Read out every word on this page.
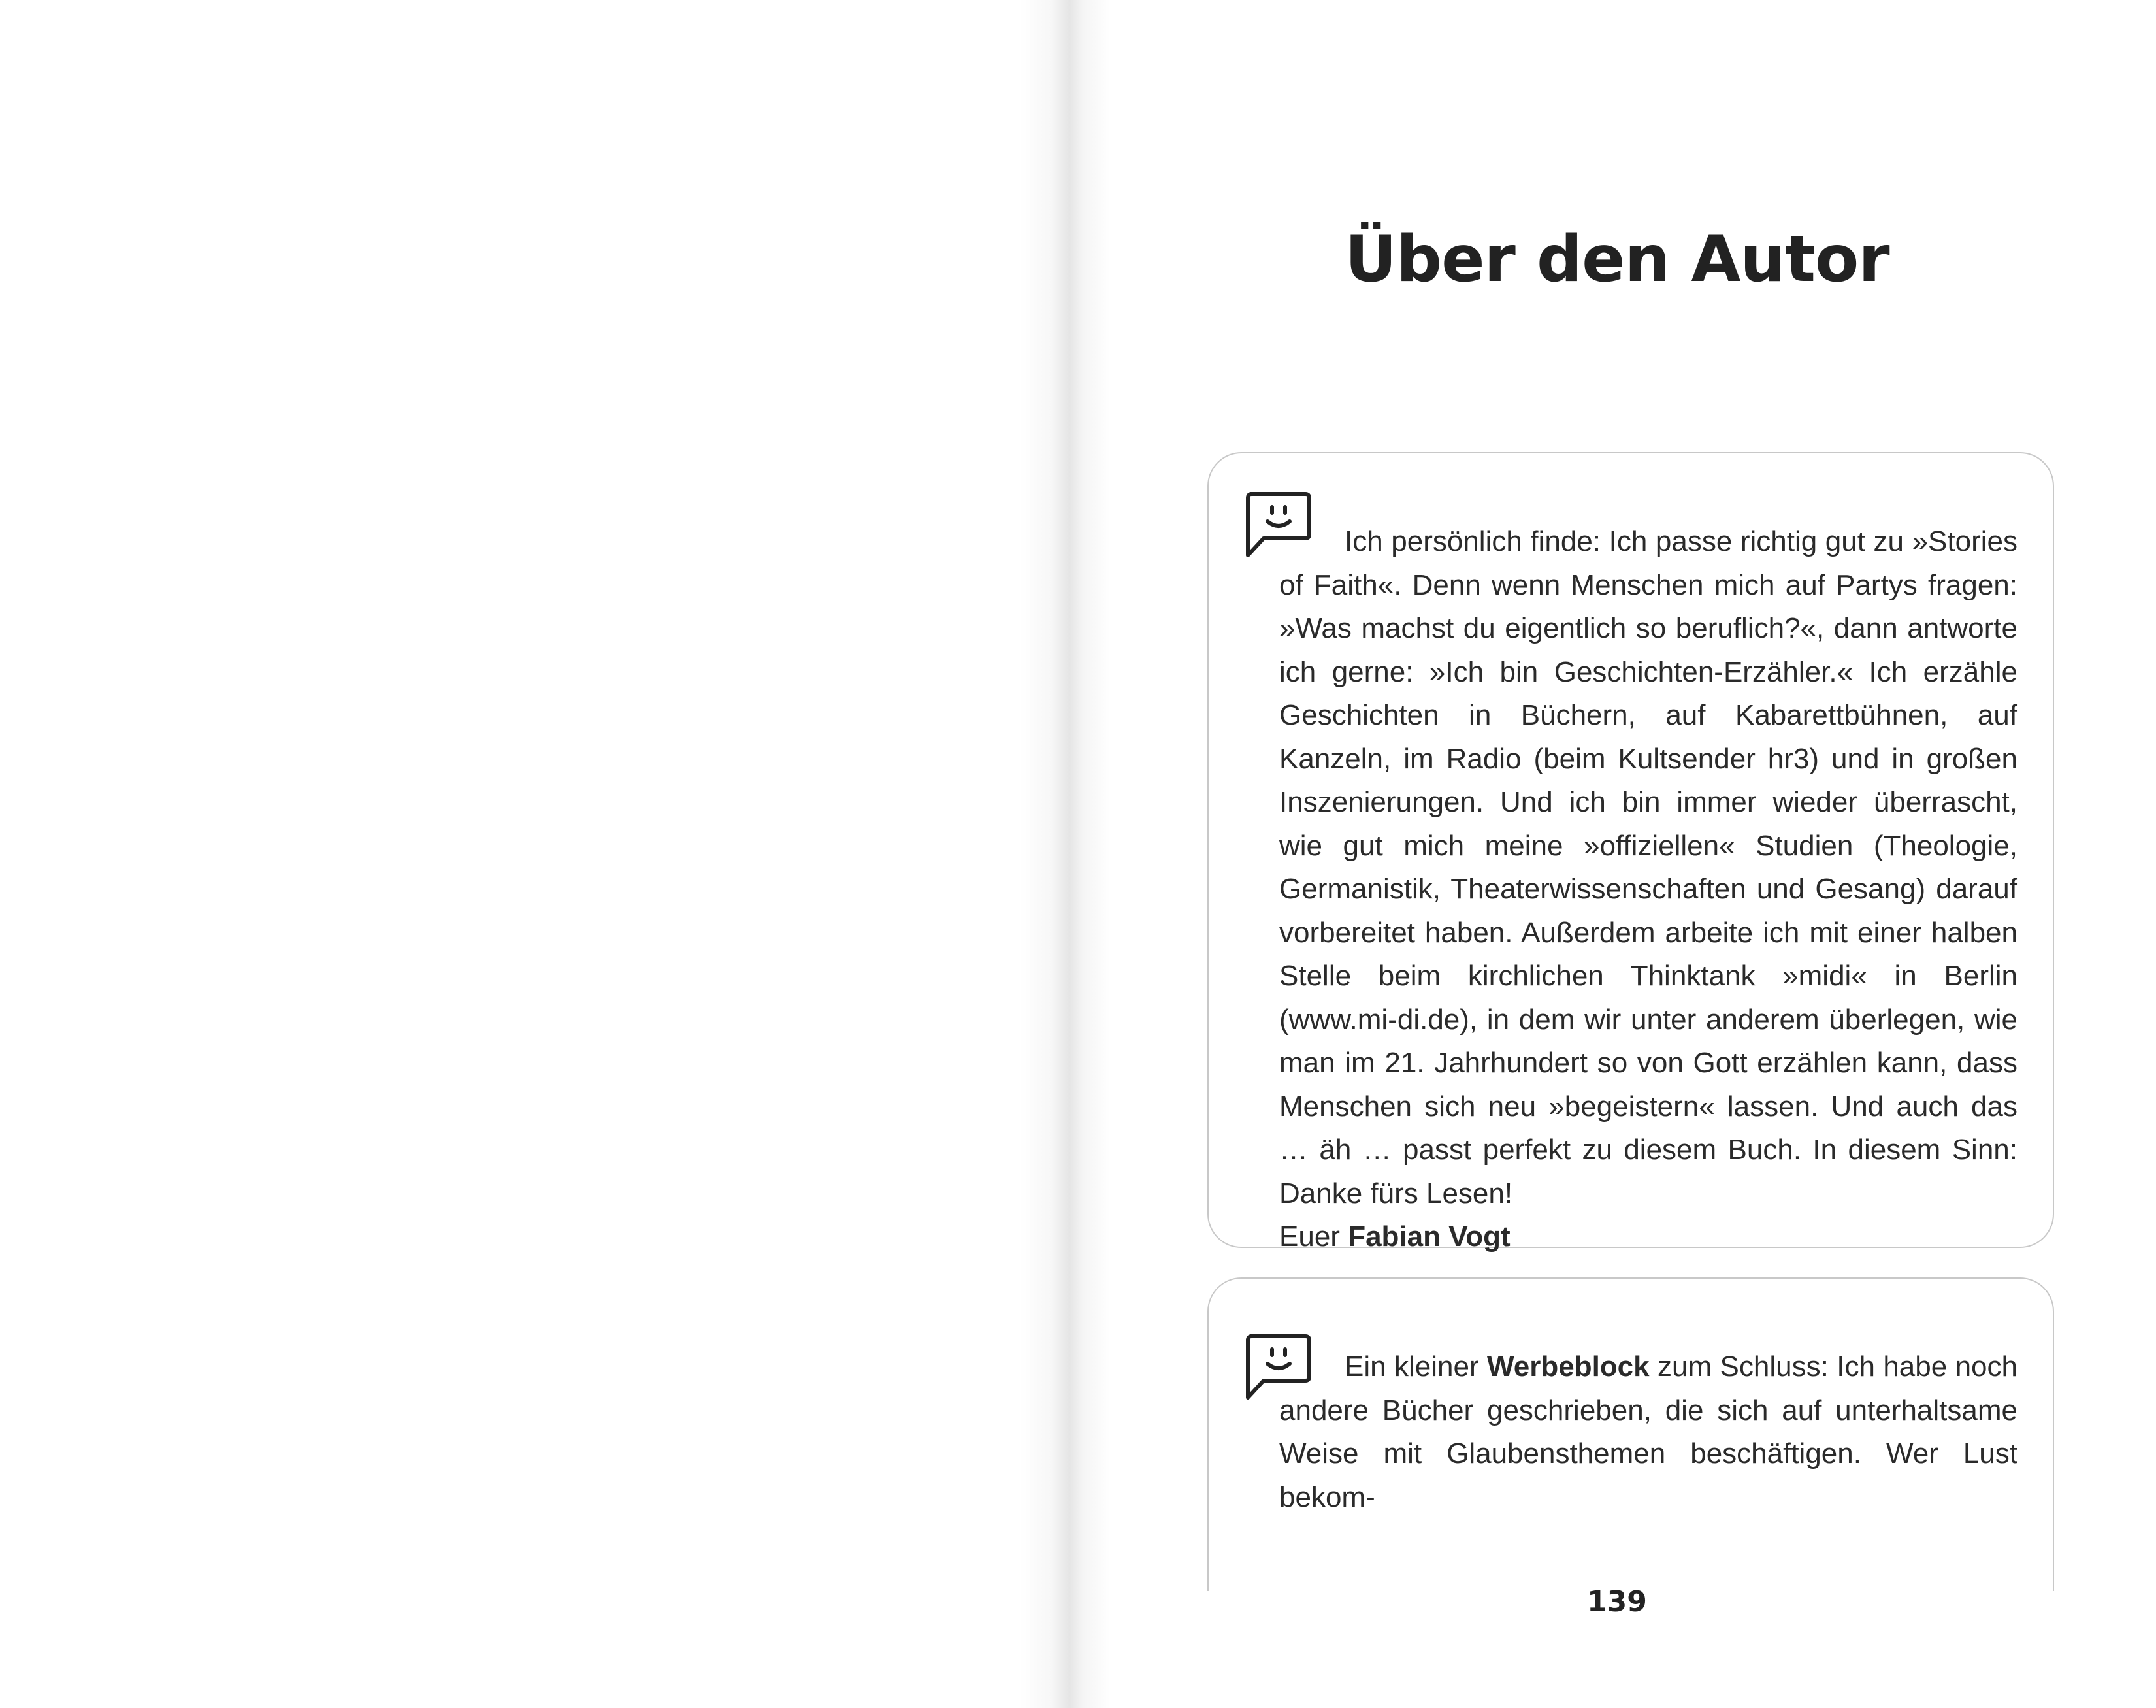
Über den Autor
Ich persönlich finde: Ich passe richtig gut zu »Stories of Faith«. Denn wenn Menschen mich auf Partys fragen: »Was machst du eigentlich so beruflich?«, dann antworte ich gerne: »Ich bin Geschichten-Erzähler.« Ich erzähle Geschichten in Büchern, auf Kabarettbühnen, auf Kanzeln, im Radio (beim Kultsender hr3) und in großen Inszenierungen. Und ich bin immer wieder überrascht, wie gut mich meine »offiziellen« Studien (Theologie, Germanistik, Theaterwissenschaften und Gesang) darauf vorbereitet haben. Außerdem arbeite ich mit einer halben Stelle beim kirchlichen Thinktank »midi« in Berlin (www.mi-di.de), in dem wir unter anderem überlegen, wie man im 21. Jahrhundert so von Gott erzählen kann, dass Menschen sich neu »begeistern« lassen. Und auch das … äh … passt perfekt zu diesem Buch. In diesem Sinn: Danke fürs Lesen!
Euer Fabian Vogt
Ein kleiner Werbeblock zum Schluss: Ich habe noch andere Bücher geschrieben, die sich auf unterhaltsame Weise mit Glaubensthemen beschäftigen. Wer Lust bekom-
139
